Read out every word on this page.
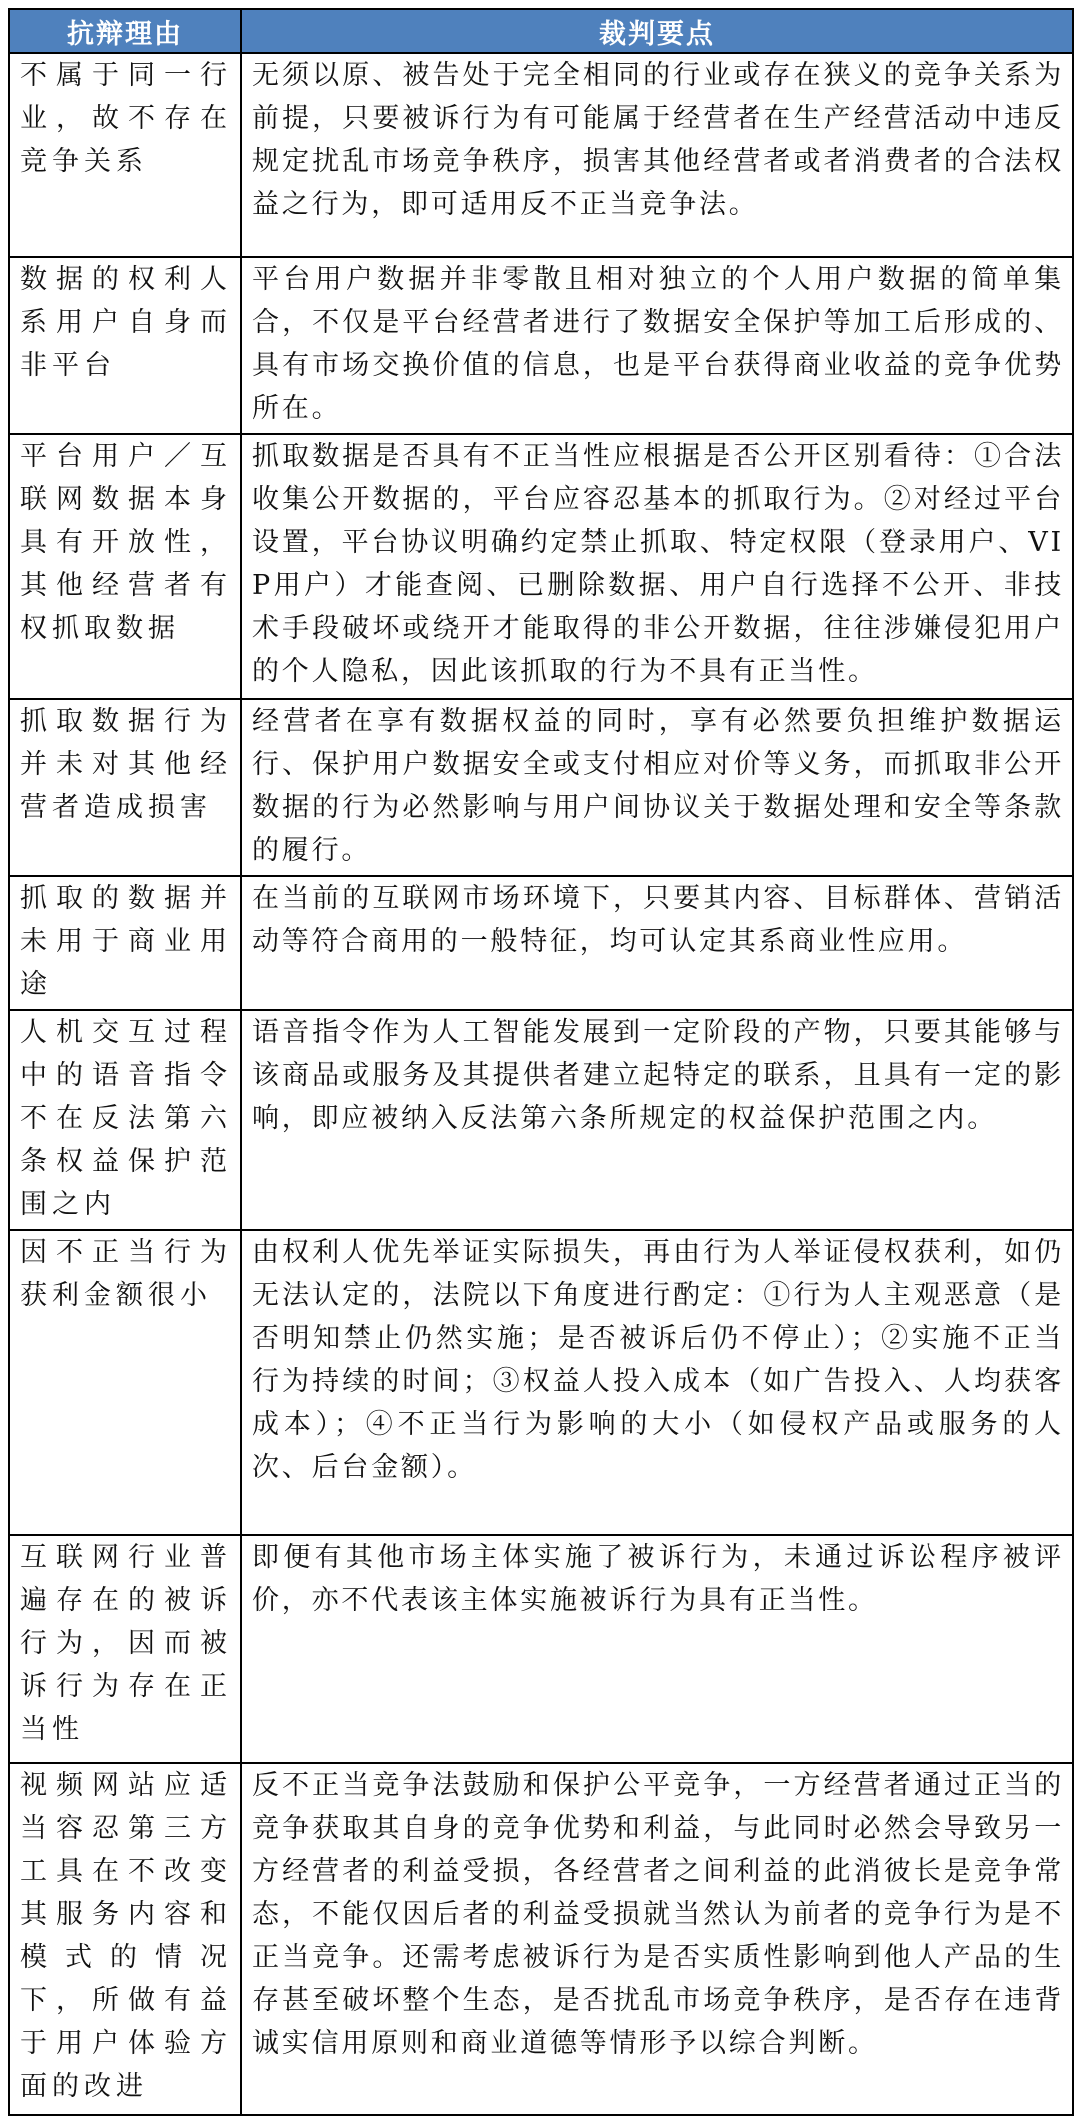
抗辩理由	裁判要点
不属于同一行业，故不存在竞争关系	无须以原、被告处于完全相同的行业或存在狭义的竞争关系为前提，只要被诉行为有可能属于经营者在生产经营活动中违反规定扰乱市场竞争秩序，损害其他经营者或者消费者的合法权益之行为，即可适用反不正当竞争法。
数据的权利人系用户自身而非平台	平台用户数据并非零散且相对独立的个人用户数据的简单集合，不仅是平台经营者进行了数据安全保护等加工后形成的、具有市场交换价值的信息，也是平台获得商业收益的竞争优势所在。
平台用户／互联网数据本身具有开放性，其他经营者有权抓取数据	抓取数据是否具有不正当性应根据是否公开区别看待：①合法收集公开数据的，平台应容忍基本的抓取行为。②对经过平台设置，平台协议明确约定禁止抓取、特定权限（登录用户、VIP用户）才能查阅、已删除数据、用户自行选择不公开、非技术手段破坏或绕开才能取得的非公开数据，往往涉嫌侵犯用户的个人隐私，因此该抓取的行为不具有正当性。
抓取数据行为并未对其他经营者造成损害	经营者在享有数据权益的同时，享有必然要负担维护数据运行、保护用户数据安全或支付相应对价等义务，而抓取非公开数据的行为必然影响与用户间协议关于数据处理和安全等条款的履行。
抓取的数据并未用于商业用途	在当前的互联网市场环境下，只要其内容、目标群体、营销活动等符合商用的一般特征，均可认定其系商业性应用。
人机交互过程中的语音指令不在反法第六条权益保护范围之内	语音指令作为人工智能发展到一定阶段的产物，只要其能够与该商品或服务及其提供者建立起特定的联系，且具有一定的影响，即应被纳入反法第六条所规定的权益保护范围之内。
因不正当行为获利金额很小	由权利人优先举证实际损失，再由行为人举证侵权获利，如仍无法认定的，法院以下角度进行酌定：①行为人主观恶意（是否明知禁止仍然实施；是否被诉后仍不停止）；②实施不正当行为持续的时间；③权益人投入成本（如广告投入、人均获客成本）；④不正当行为影响的大小（如侵权产品或服务的人次、后台金额）。
互联网行业普遍存在的被诉行为，因而被诉行为存在正当性	即便有其他市场主体实施了被诉行为，未通过诉讼程序被评价，亦不代表该主体实施被诉行为具有正当性。
视频网站应适当容忍第三方工具在不改变其服务内容和模式的情况下，所做有益于用户体验方面的改进	反不正当竞争法鼓励和保护公平竞争，一方经营者通过正当的竞争获取其自身的竞争优势和利益，与此同时必然会导致另一方经营者的利益受损，各经营者之间利益的此消彼长是竞争常态，不能仅因后者的利益受损就当然认为前者的竞争行为是不正当竞争。还需考虑被诉行为是否实质性影响到他人产品的生存甚至破坏整个生态，是否扰乱市场竞争秩序，是否存在违背诚实信用原则和商业道德等情形予以综合判断。
